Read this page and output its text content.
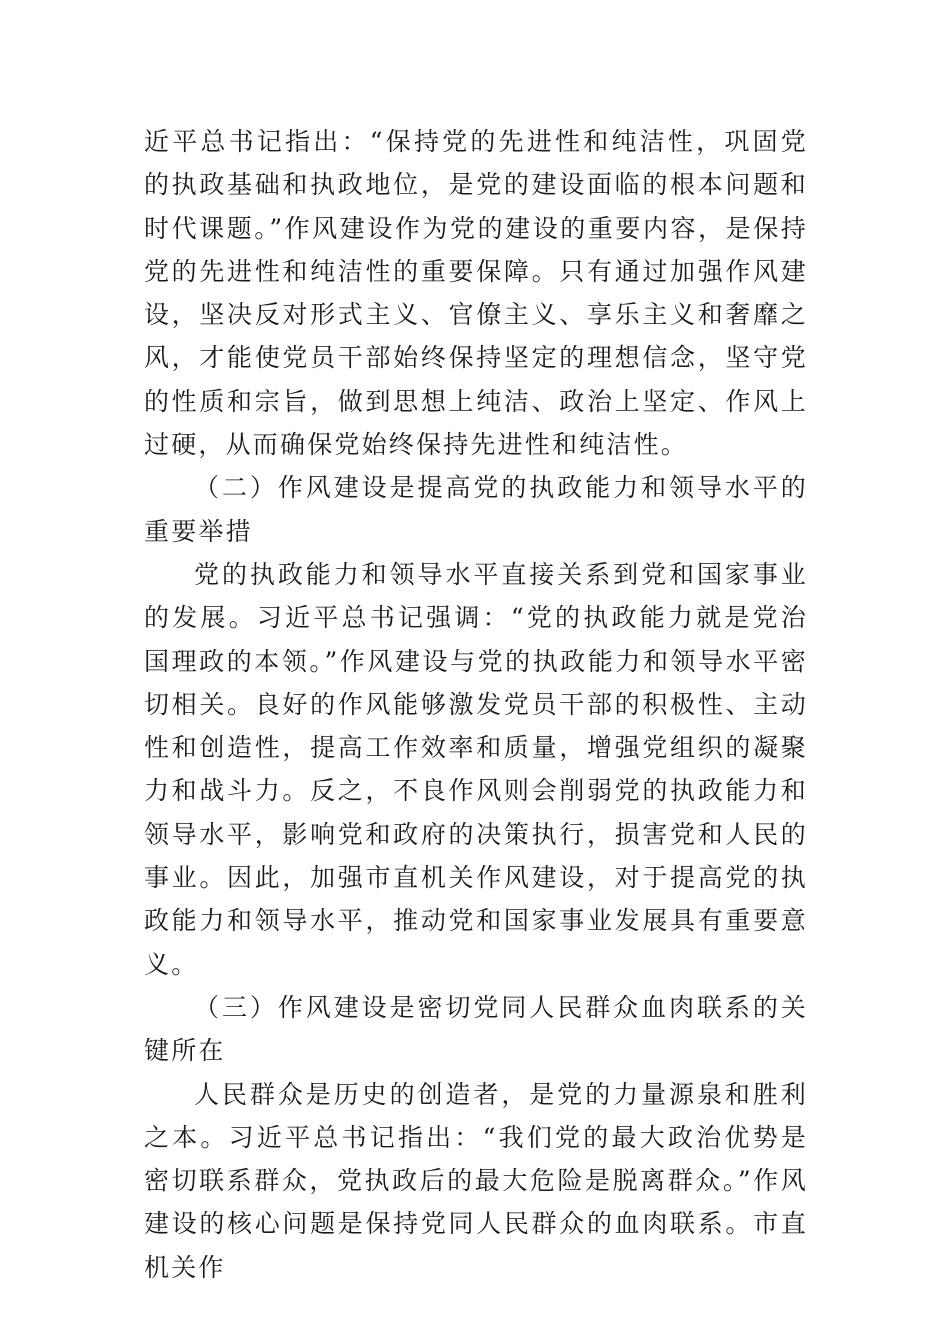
近平总书记指出：“保持党的先进性和纯洁性，巩固党的执政基础和执政地位，是党的建设面临的根本问题和时代课题。”作风建设作为党的建设的重要内容，是保持党的先进性和纯洁性的重要保障。只有通过加强作风建设，坚决反对形式主义、官僚主义、享乐主义和奢靡之风，才能使党员干部始终保持坚定的理想信念，坚守党的性质和宗旨，做到思想上纯洁、政治上坚定、作风上过硬，从而确保党始终保持先进性和纯洁性。

（二）作风建设是提高党的执政能力和领导水平的重要举措

党的执政能力和领导水平直接关系到党和国家事业的发展。习近平总书记强调：“党的执政能力就是党治国理政的本领。”作风建设与党的执政能力和领导水平密切相关。良好的作风能够激发党员干部的积极性、主动性和创造性，提高工作效率和质量，增强党组织的凝聚力和战斗力。反之，不良作风则会削弱党的执政能力和领导水平，影响党和政府的决策执行，损害党和人民的事业。因此，加强市直机关作风建设，对于提高党的执政能力和领导水平，推动党和国家事业发展具有重要意义。

（三）作风建设是密切党同人民群众血肉联系的关键所在

人民群众是历史的创造者，是党的力量源泉和胜利之本。习近平总书记指出：“我们党的最大政治优势是密切联系群众，党执政后的最大危险是脱离群众。”作风建设的核心问题是保持党同人民群众的血肉联系。市直机关作
